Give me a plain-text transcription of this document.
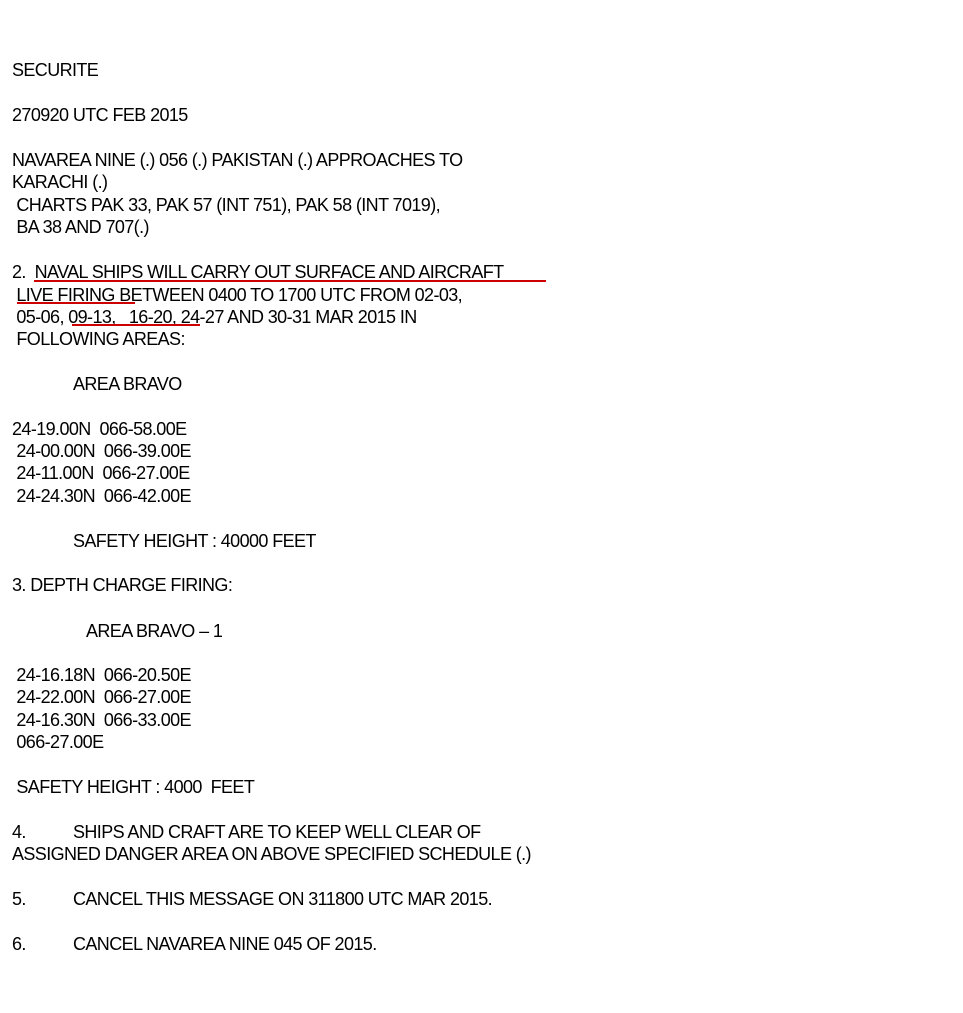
SECURITE
270920 UTC FEB 2015
NAVAREA NINE (.) 056 (.) PAKISTAN (.) APPROACHES TO
KARACHI (.)
CHARTS PAK 33, PAK 57 (INT 751), PAK 58 (INT 7019),
BA 38 AND 707(.)
2.  NAVAL SHIPS WILL CARRY OUT SURFACE AND AIRCRAFT
LIVE FIRING BETWEEN 0400 TO 1700 UTC FROM 02-03,
05-06, 09-13,   16-20, 24-27 AND 30-31 MAR 2015 IN
FOLLOWING AREAS:
AREA BRAVO
24-19.00N  066-58.00E
24-00.00N  066-39.00E
24-11.00N  066-27.00E
24-24.30N  066-42.00E
SAFETY HEIGHT : 40000 FEET
3. DEPTH CHARGE FIRING:
AREA BRAVO – 1
24-16.18N  066-20.50E
24-22.00N  066-27.00E
24-16.30N  066-33.00E
066-27.00E
SAFETY HEIGHT : 4000  FEET
4.	SHIPS AND CRAFT ARE TO KEEP WELL CLEAR OF
ASSIGNED DANGER AREA ON ABOVE SPECIFIED SCHEDULE (.)
5.	CANCEL THIS MESSAGE ON 311800 UTC MAR 2015.
6.	CANCEL NAVAREA NINE 045 OF 2015.
